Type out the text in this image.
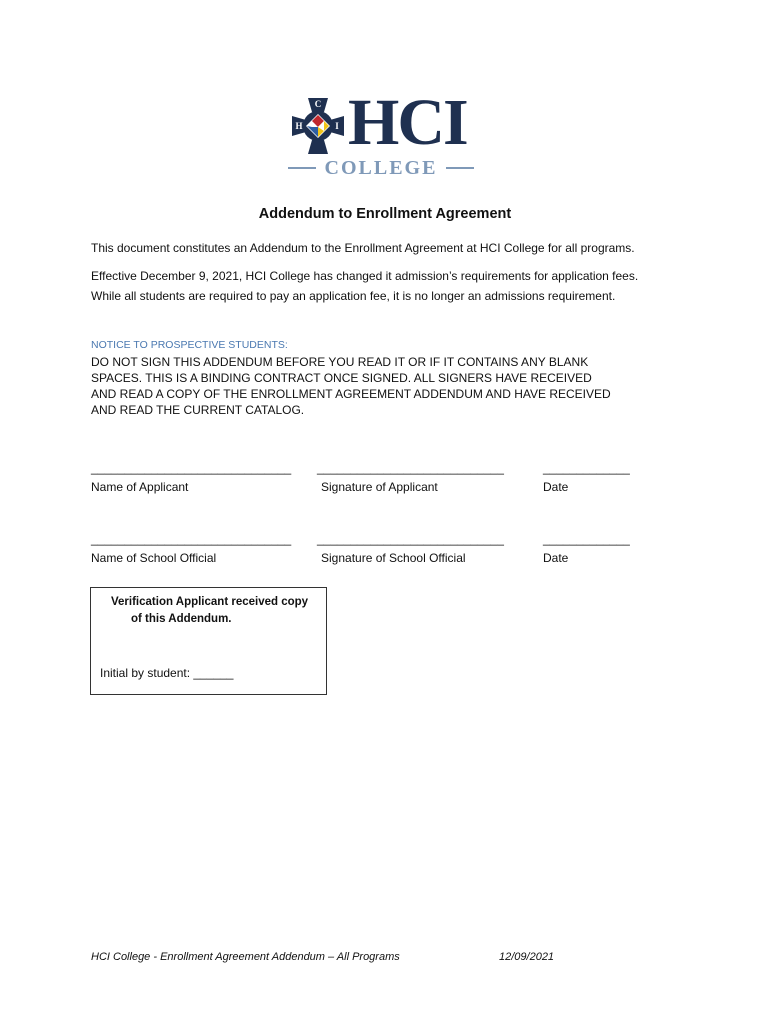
C
H	I HCI
COLLEGE
Addendum to Enrollment Agreement

This document constitutes an Addendum to the Enrollment Agreement at HCI College for all programs.

Effective December 9, 2021, HCI College has changed it admission’s requirements for application fees.
While all students are required to pay an application fee, it is no longer an admissions requirement.

NOTICE TO PROSPECTIVE STUDENTS:

DO NOT SIGN THIS ADDENDUM BEFORE YOU READ IT OR IF IT CONTAINS ANY BLANK
SPACES. THIS IS A BINDING CONTRACT ONCE SIGNED. ALL SIGNERS HAVE RECEIVED
AND READ A COPY OF THE ENROLLMENT AGREEMENT ADDENDUM AND HAVE RECEIVED
AND READ THE CURRENT CATALOG.
______________________________
Name of Applicant
____________________________
Signature of Applicant
_____________
Date
______________________________
Name of School Official
____________________________
Signature of School Official
_____________
Date

Verification Applicant received copy
of this Addendum.

Initial by student: ______

HCI College - Enrollment Agreement Addendum – All Programs	12/09/2021
